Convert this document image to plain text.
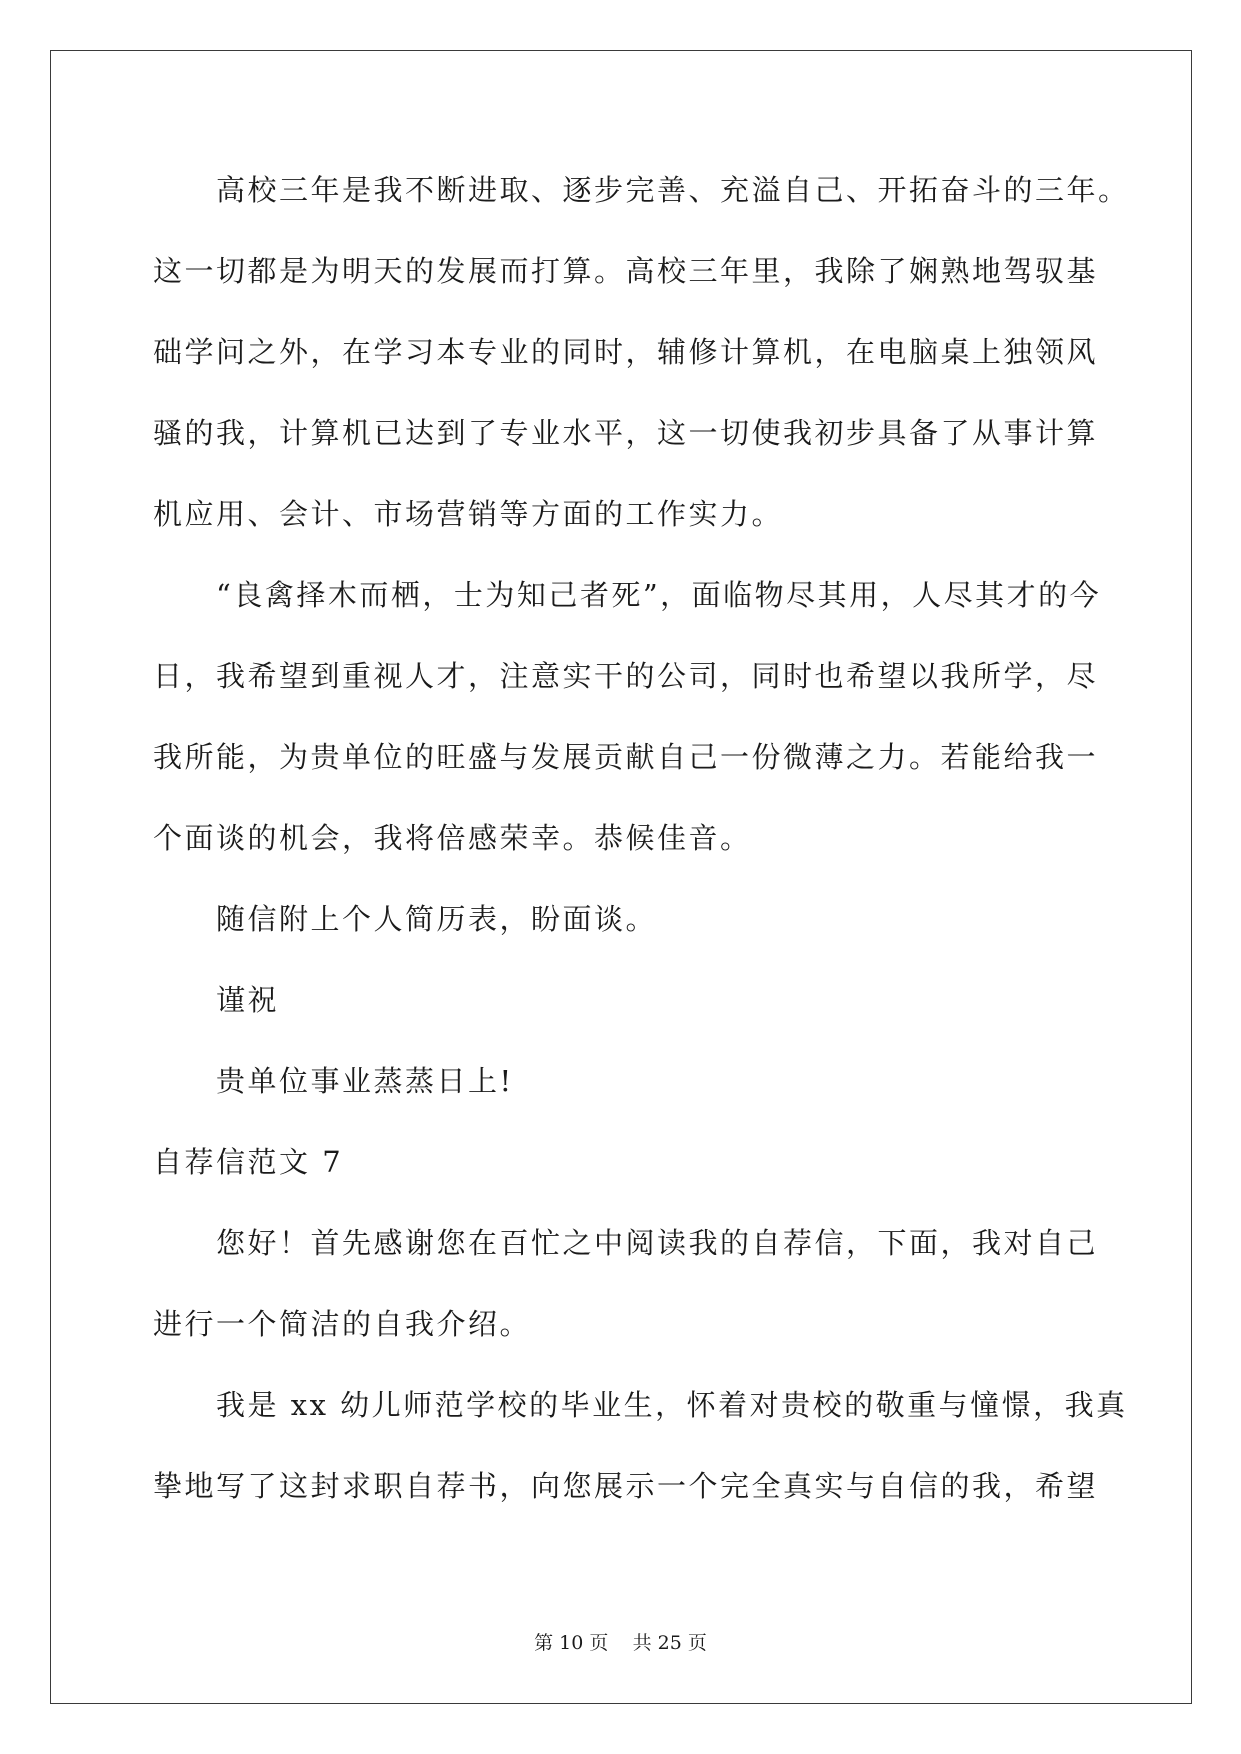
高校三年是我不断进取、逐步完善、充溢自己、开拓奋斗的三年。
这一切都是为明天的发展而打算。高校三年里，我除了娴熟地驾驭基
础学问之外，在学习本专业的同时，辅修计算机，在电脑桌上独领风
骚的我，计算机已达到了专业水平，这一切使我初步具备了从事计算
机应用、会计、市场营销等方面的工作实力。
“良禽择木而栖，士为知己者死”，面临物尽其用，人尽其才的今
日，我希望到重视人才，注意实干的公司，同时也希望以我所学，尽
我所能，为贵单位的旺盛与发展贡献自己一份微薄之力。若能给我一
个面谈的机会，我将倍感荣幸。恭候佳音。
随信附上个人简历表，盼面谈。
谨祝
贵单位事业蒸蒸日上!
自荐信范文 7
您好！首先感谢您在百忙之中阅读我的自荐信，下面，我对自己
进行一个简洁的自我介绍。
我是 xx 幼儿师范学校的毕业生，怀着对贵校的敬重与憧憬，我真
挚地写了这封求职自荐书，向您展示一个完全真实与自信的我，希望
第 10 页 共 25 页
